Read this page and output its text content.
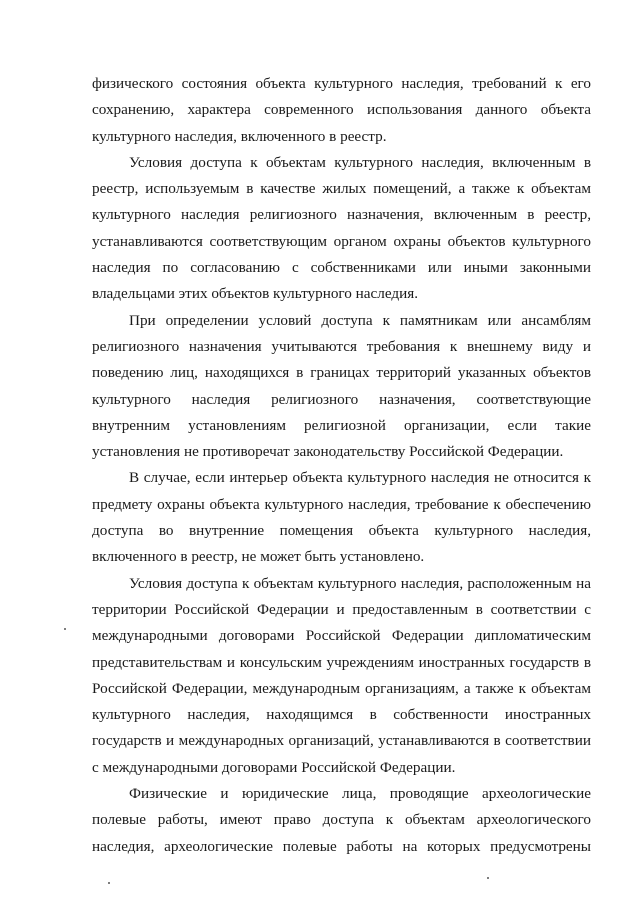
физического состояния объекта культурного наследия, требований к его
сохранению, характера современного использования данного объекта
культурного наследия, включенного в реестр.
Условия доступа к объектам культурного наследия, включенным в
реестр, используемым в качестве жилых помещений, а также к объектам
культурного наследия религиозного назначения, включенным в реестр,
устанавливаются соответствующим органом охраны объектов культурного
наследия по согласованию с собственниками или иными законными
владельцами этих объектов культурного наследия.
При определении условий доступа к памятникам или ансамблям
религиозного назначения учитываются требования к внешнему виду и
поведению лиц, находящихся в границах территорий указанных объектов
культурного наследия религиозного назначения, соответствующие
внутренним установлениям религиозной организации, если такие
установления не противоречат законодательству Российской Федерации.
В случае, если интерьер объекта культурного наследия не относится к
предмету охраны объекта культурного наследия, требование к обеспечению
доступа во внутренние помещения объекта культурного наследия,
включенного в реестр, не может быть установлено.
Условия доступа к объектам культурного наследия, расположенным на
территории Российской Федерации и предоставленным в соответствии с
международными договорами Российской Федерации дипломатическим
представительствам и консульским учреждениям иностранных государств в
Российской Федерации, международным организациям, а также к объектам
культурного наследия, находящимся в собственности иностранных
государств и международных организаций, устанавливаются в соответствии
с международными договорами Российской Федерации.
Физические и юридические лица, проводящие археологические
полевые работы, имеют право доступа к объектам археологического
наследия, археологические полевые работы на которых предусмотрены
